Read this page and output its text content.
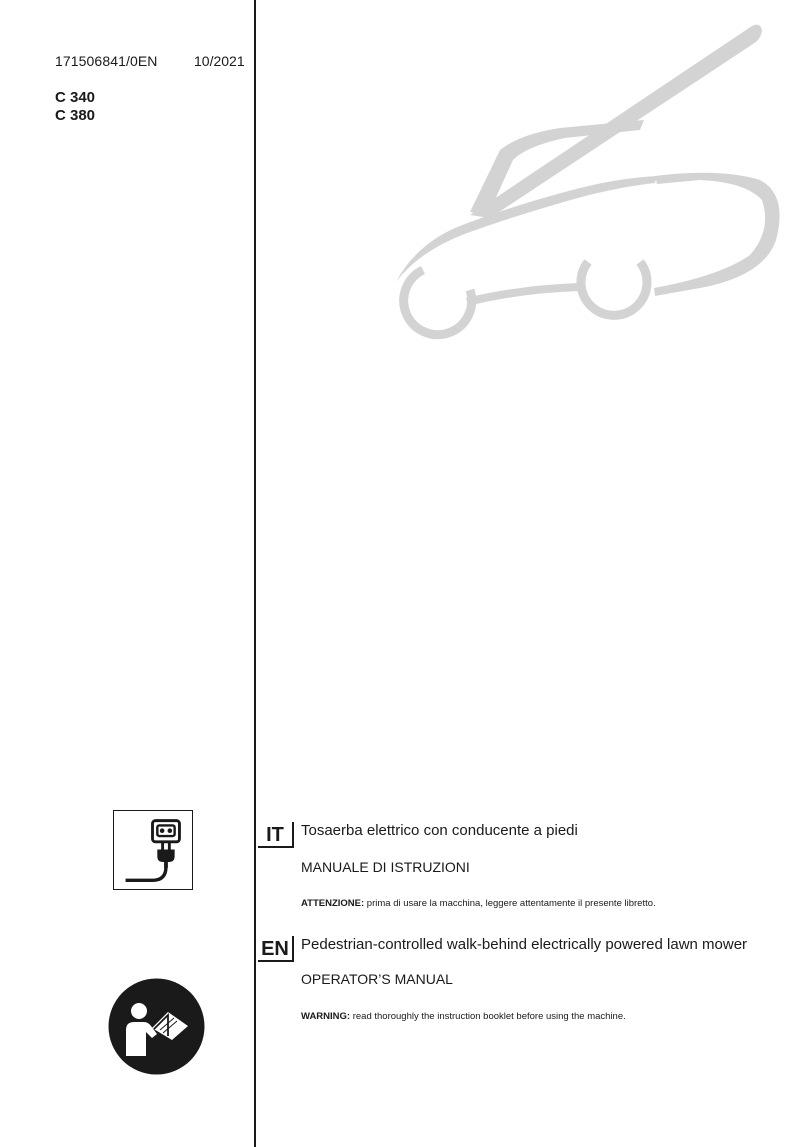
171506841/0EN	10/2021
C 340
C 380
IT	Tosaerba elettrico con conducente a piedi
MANUALE DI ISTRUZIONI
ATTENZIONE: prima di usare la macchina, leggere attentamente il presente libretto.
EN Pedestrian-controlled walk-behind electrically powered lawn mower
OPERATOR’S MANUAL
WARNING: read thoroughly the instruction booklet before using the machine.
